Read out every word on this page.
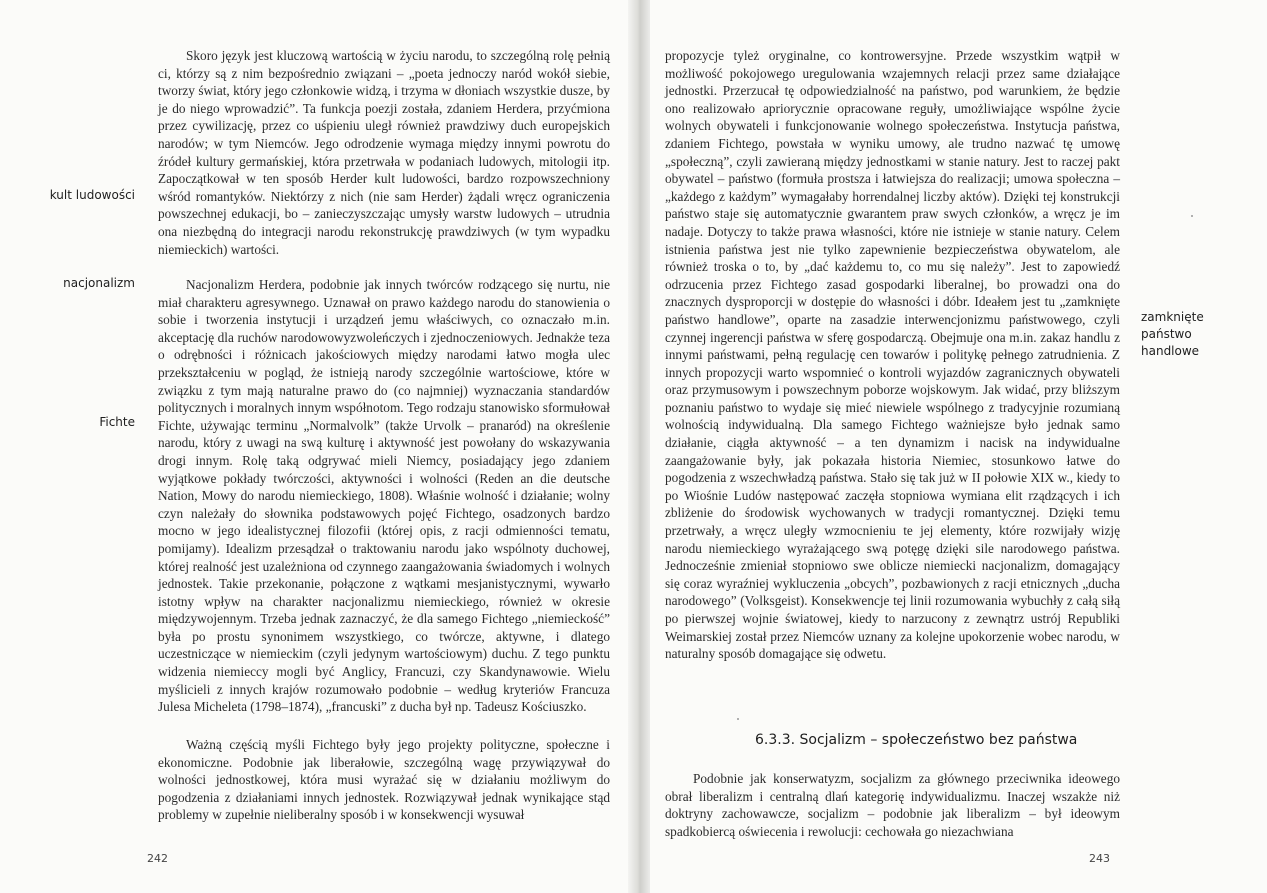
Skoro język jest kluczową wartością w życiu narodu, to szczególną rolę pełnią ci, którzy są z nim bezpośrednio związani – „poeta jednoczy naród wokół siebie, tworzy świat, który jego członkowie widzą, i trzyma w dłoniach wszystkie dusze, by je do niego wprowadzić”. Ta funkcja poezji została, zdaniem Herdera, przyćmiona przez cywilizację, przez co uśpieniu uległ również prawdziwy duch europejskich narodów; w tym Niemców. Jego odrodzenie wymaga między innymi powrotu do źródeł kultury germańskiej, która przetrwała w podaniach ludowych, mitologii itp. Zapoczątkował w ten sposób Herder kult ludowości, bardzo rozpowszechniony wśród romantyków. Niektórzy z nich (nie sam Herder) żądali wręcz ograniczenia powszechnej edukacji, bo – zanieczyszczając umysły warstw ludowych – utrudnia ona niezbędną do integracji narodu rekonstrukcję prawdziwych (w tym wypadku niemieckich) wartości.

Nacjonalizm Herdera, podobnie jak innych twórców rodzącego się nurtu, nie miał charakteru agresywnego. Uznawał on prawo każdego narodu do stanowienia o sobie i tworzenia instytucji i urządzeń jemu właściwych, co oznaczało m.in. akceptację dla ruchów narodowowyzwoleńczych i zjednoczeniowych. Jednakże teza o odrębności i różnicach jakościowych między narodami łatwo mogła ulec przekształceniu w pogląd, że istnieją narody szczególnie wartościowe, które w związku z tym mają naturalne prawo do (co najmniej) wyznaczania standardów politycznych i moralnych innym współnotom. Tego rodzaju stanowisko sformułował Fichte, używając terminu „Normalvolk” (także Urvolk – pranaród) na określenie narodu, który z uwagi na swą kulturę i aktywność jest powołany do wskazywania drogi innym. Rolę taką odgrywać mieli Niemcy, posiadający jego zdaniem wyjątkowe pokłady twórczości, aktywności i wolności (Reden an die deutsche Nation, Mowy do narodu niemieckiego, 1808). Właśnie wolność i działanie; wolny czyn należały do słownika podstawowych pojęć Fichtego, osadzonych bardzo mocno w jego idealistycznej filozofii (której opis, z racji odmienności tematu, pomijamy). Idealizm przesądzał o traktowaniu narodu jako wspólnoty duchowej, której realność jest uzależniona od czynnego zaangażowania świadomych i wolnych jednostek. Takie przekonanie, połączone z wątkami mesjanistycznymi, wywarło istotny wpływ na charakter nacjonalizmu niemieckiego, również w okresie międzywojennym. Trzeba jednak zaznaczyć, że dla samego Fichtego „niemieckość” była po prostu synonimem wszystkiego, co twórcze, aktywne, i dlatego uczestniczące w niemieckim (czyli jedynym wartościowym) duchu. Z tego punktu widzenia niemieccy mogli być Anglicy, Francuzi, czy Skandynawowie. Wielu myślicieli z innych krajów rozumowało podobnie – według kryteriów Francuza Julesa Micheleta (1798–1874), „francuski” z ducha był np. Tadeusz Kościuszko.

Ważną częścią myśli Fichtego były jego projekty polityczne, społeczne i ekonomiczne. Podobnie jak liberałowie, szczególną wagę przywiązywał do wolności jednostkowej, która musi wyrażać się w działaniu możliwym do pogodzenia z działaniami innych jednostek. Rozwiązywał jednak wynikające stąd problemy w zupełnie nieliberalny sposób i w konsekwencji wysuwał

kult ludowości
nacjonalizm
Fichte
242

propozycje tyleż oryginalne, co kontrowersyjne. Przede wszystkim wątpił w możliwość pokojowego uregulowania wzajemnych relacji przez same działające jednostki. Przerzucał tę odpowiedzialność na państwo, pod warunkiem, że będzie ono realizowało apriorycznie opracowane reguły, umożliwiające wspólne życie wolnych obywateli i funkcjonowanie wolnego społeczeństwa. Instytucja państwa, zdaniem Fichtego, powstała w wyniku umowy, ale trudno nazwać tę umowę „społeczną”, czyli zawieraną między jednostkami w stanie natury. Jest to raczej pakt obywatel – państwo (formuła prostsza i łatwiejsza do realizacji; umowa społeczna – „każdego z każdym” wymagałaby horrendalnej liczby aktów). Dzięki tej konstrukcji państwo staje się automatycznie gwarantem praw swych członków, a wręcz je im nadaje. Dotyczy to także prawa własności, które nie istnieje w stanie natury. Celem istnienia państwa jest nie tylko zapewnienie bezpieczeństwa obywatelom, ale również troska o to, by „dać każdemu to, co mu się należy”. Jest to zapowiedź odrzucenia przez Fichtego zasad gospodarki liberalnej, bo prowadzi ona do znacznych dysproporcji w dostępie do własności i dóbr. Ideałem jest tu „zamknięte państwo handlowe”, oparte na zasadzie interwencjonizmu państwowego, czyli czynnej ingerencji państwa w sferę gospodarczą. Obejmuje ona m.in. zakaz handlu z innymi państwami, pełną regulację cen towarów i politykę pełnego zatrudnienia. Z innych propozycji warto wspomnieć o kontroli wyjazdów zagranicznych obywateli oraz przymusowym i powszechnym poborze wojskowym. Jak widać, przy bliższym poznaniu państwo to wydaje się mieć niewiele wspólnego z tradycyjnie rozumianą wolnością indywidualną. Dla samego Fichtego ważniejsze było jednak samo działanie, ciągła aktywność – a ten dynamizm i nacisk na indywidualne zaangażowanie były, jak pokazała historia Niemiec, stosunkowo łatwe do pogodzenia z wszechwładzą państwa. Stało się tak już w II połowie XIX w., kiedy to po Wiośnie Ludów następować zaczęła stopniowa wymiana elit rządzących i ich zbliżenie do środowisk wychowanych w tradycji romantycznej. Dzięki temu przetrwały, a wręcz uległy wzmocnieniu te jej elementy, które rozwijały wizję narodu niemieckiego wyrażającego swą potęgę dzięki sile narodowego państwa. Jednocześnie zmieniał stopniowo swe oblicze niemiecki nacjonalizm, domagający się coraz wyraźniej wykluczenia „obcych”, pozbawionych z racji etnicznych „ducha narodowego” (Volksgeist). Konsekwencje tej linii rozumowania wybuchły z całą siłą po pierwszej wojnie światowej, kiedy to narzucony z zewnątrz ustrój Republiki Weimarskiej został przez Niemców uznany za kolejne upokorzenie wobec narodu, w naturalny sposób domagające się odwetu.

zamknięte
państwo
handlowe
6.3.3. Socjalizm – społeczeństwo bez państwa

Podobnie jak konserwatyzm, socjalizm za głównego przeciwnika ideowego obrał liberalizm i centralną dlań kategorię indywidualizmu. Inaczej wszakże niż doktryny zachowawcze, socjalizm – podobnie jak liberalizm – był ideowym spadkobiercą oświecenia i rewolucji: cechowała go niezachwiana

243
